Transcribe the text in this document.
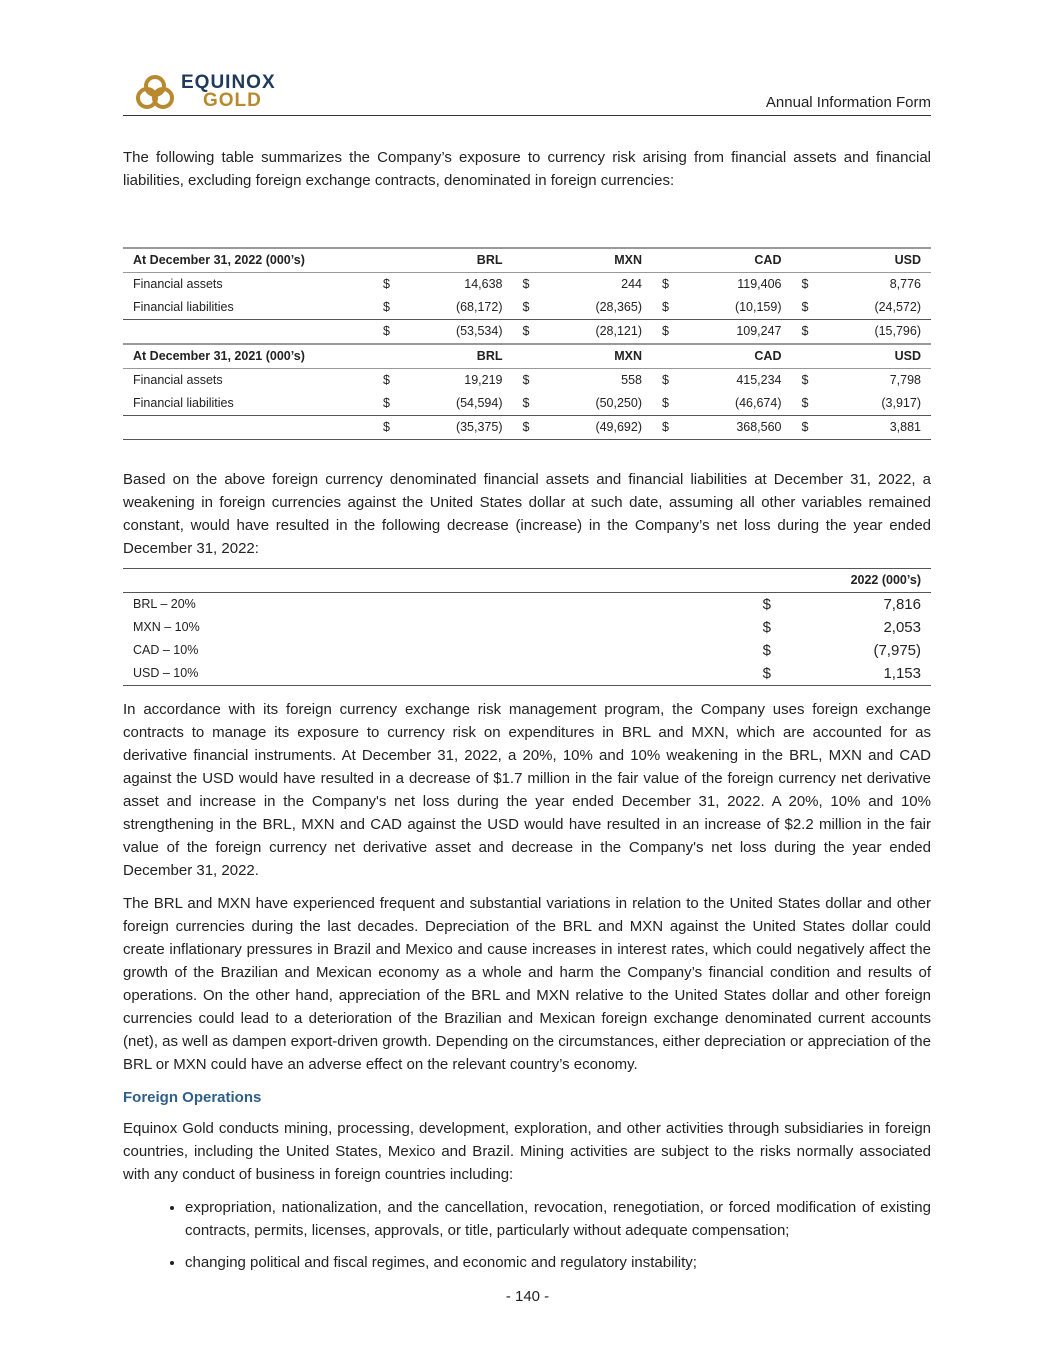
EQUINOX
GOLD	Annual Information Form

The following table summarizes the Company’s exposure to currency risk arising from financial assets and financial liabilities, excluding foreign exchange contracts, denominated in foreign currencies:

At December 31, 2022 (000’s)		BRL		MXN		CAD		USD
Financial assets	$	14,638	$	244	$	119,406	$	8,776
Financial liabilities	$	(68,172)	$	(28,365)	$	(10,159)	$	(24,572)
	$	(53,534)	$	(28,121)	$	109,247	$	(15,796)
At December 31, 2021 (000’s)		BRL		MXN		CAD		USD
Financial assets	$	19,219	$	558	$	415,234	$	7,798
Financial liabilities	$	(54,594)	$	(50,250)	$	(46,674)	$	(3,917)
	$	(35,375)	$	(49,692)	$	368,560	$	3,881

Based on the above foreign currency denominated financial assets and financial liabilities at December 31, 2022, a weakening in foreign currencies against the United States dollar at such date, assuming all other variables remained constant, would have resulted in the following decrease (increase) in the Company’s net loss during the year ended December 31, 2022:

		2022 (000’s)
BRL – 20%	$	7,816
MXN – 10%	$	2,053
CAD – 10%	$	(7,975)
USD – 10%	$	1,153

In accordance with its foreign currency exchange risk management program, the Company uses foreign exchange contracts to manage its exposure to currency risk on expenditures in BRL and MXN, which are accounted for as derivative financial instruments. At December 31, 2022, a 20%, 10% and 10% weakening in the BRL, MXN and CAD against the USD would have resulted in a decrease of $1.7 million in the fair value of the foreign currency net derivative asset and increase in the Company's net loss during the year ended December 31, 2022. A 20%, 10% and 10% strengthening in the BRL, MXN and CAD against the USD would have resulted in an increase of $2.2 million in the fair value of the foreign currency net derivative asset and decrease in the Company's net loss during the year ended December 31, 2022.

The BRL and MXN have experienced frequent and substantial variations in relation to the United States dollar and other foreign currencies during the last decades. Depreciation of the BRL and MXN against the United States dollar could create inflationary pressures in Brazil and Mexico and cause increases in interest rates, which could negatively affect the growth of the Brazilian and Mexican economy as a whole and harm the Company’s financial condition and results of operations. On the other hand, appreciation of the BRL and MXN relative to the United States dollar and other foreign currencies could lead to a deterioration of the Brazilian and Mexican foreign exchange denominated current accounts (net), as well as dampen export-driven growth. Depending on the circumstances, either depreciation or appreciation of the BRL or MXN could have an adverse effect on the relevant country’s economy.

Foreign Operations

Equinox Gold conducts mining, processing, development, exploration, and other activities through subsidiaries in foreign countries, including the United States, Mexico and Brazil. Mining activities are subject to the risks normally associated with any conduct of business in foreign countries including:

• expropriation, nationalization, and the cancellation, revocation, renegotiation, or forced modification of existing contracts, permits, licenses, approvals, or title, particularly without adequate compensation;
• changing political and fiscal regimes, and economic and regulatory instability;
- 140 -
